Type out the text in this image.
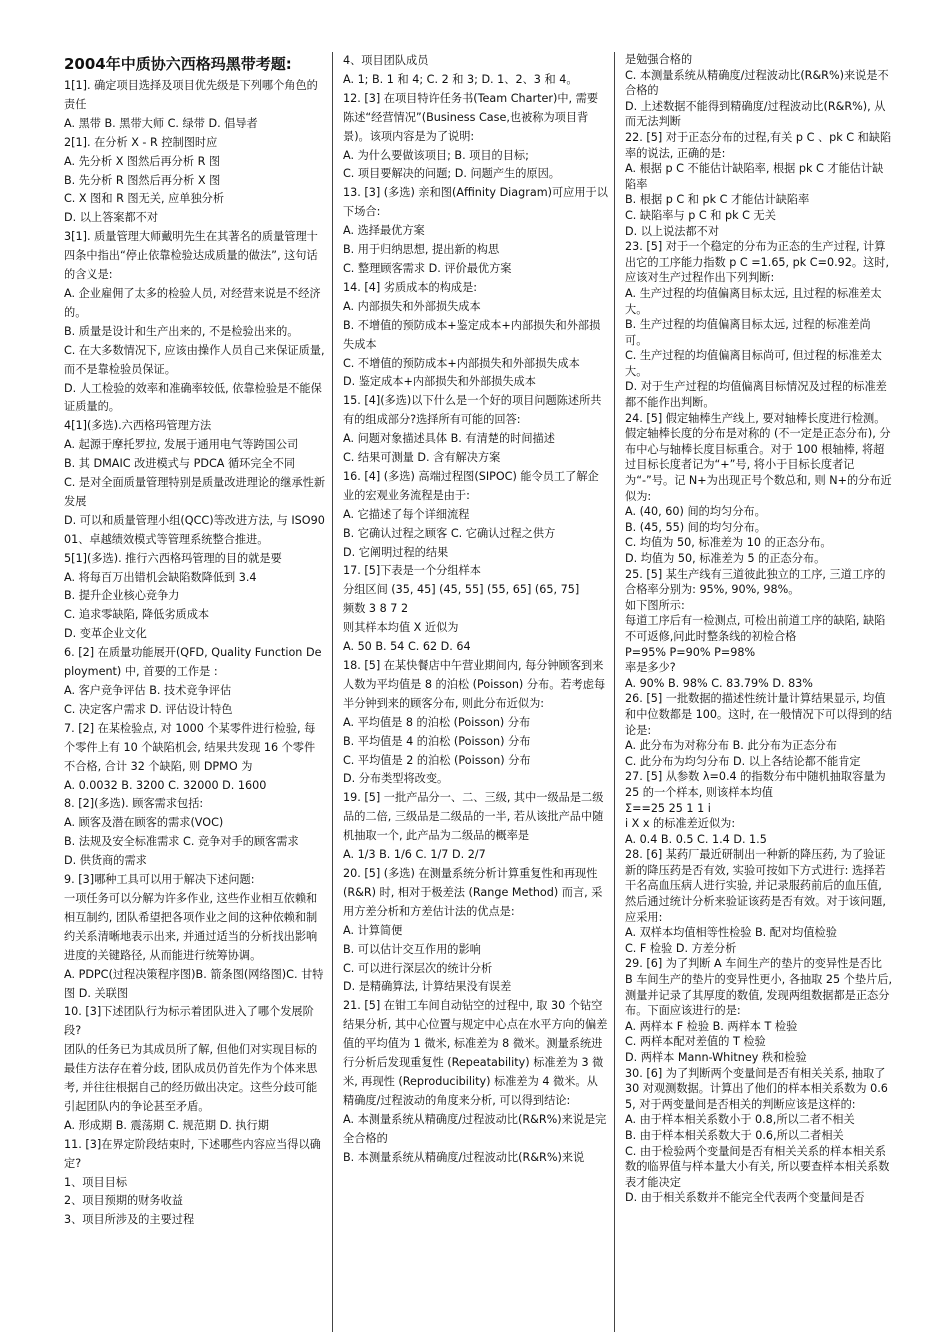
2004年中质协六西格玛黑带考题:
1[1]. 确定项目选择及项目优先级是下列哪个角色的责任
A. 黑带 B. 黑带大师 C. 绿带 D. 倡导者
2[1]. 在分析 X - R 控制图时应
A. 先分析 X 图然后再分析 R 图
B. 先分析 R 图然后再分析 X 图
C. X 图和 R 图无关, 应单独分析
D. 以上答案都不对
3[1]. 质量管理大师戴明先生在其著名的质量管理十四条中指出“停止依靠检验达成质量的做法”, 这句话的含义是:
A. 企业雇佣了太多的检验人员, 对经营来说是不经济的。
B. 质量是设计和生产出来的, 不是检验出来的。
C. 在大多数情况下, 应该由操作人员自己来保证质量, 而不是靠检验员保证。
D. 人工检验的效率和准确率较低, 依靠检验是不能保证质量的。
4[1](多选).六西格玛管理方法
A. 起源于摩托罗拉, 发展于通用电气等跨国公司
B. 其 DMAIC 改进模式与 PDCA 循环完全不同
C. 是对全面质量管理特别是质量改进理论的继承性新发展
D. 可以和质量管理小组(QCC)等改进方法, 与 ISO9001、卓越绩效模式等管理系统整合推进。
5[1](多选). 推行六西格玛管理的目的就是要
A. 将每百万出错机会缺陷数降低到 3.4
B. 提升企业核心竞争力
C. 追求零缺陷, 降低劣质成本
D. 变革企业文化
6. [2] 在质量功能展开(QFD, Quality Function Deployment) 中, 首要的工作是 :
A. 客户竞争评估 B. 技术竞争评估
C. 决定客户需求 D. 评估设计特色
7. [2] 在某检验点, 对 1000 个某零件进行检验, 每个零件上有 10 个缺陷机会, 结果共发现 16 个零件不合格, 合计 32 个缺陷, 则 DPMO 为
A. 0.0032 B. 3200 C. 32000 D. 1600
8. [2](多选). 顾客需求包括:
A. 顾客及潜在顾客的需求(VOC)
B. 法规及安全标准需求 C. 竞争对手的顾客需求
D. 供货商的需求
9. [3]哪种工具可以用于解决下述问题:
一项任务可以分解为许多作业, 这些作业相互依赖和相互制约, 团队希望把各项作业之间的这种依赖和制约关系清晰地表示出来, 并通过适当的分析找出影响进度的关键路径, 从而能进行统筹协调。
A. PDPC(过程决策程序图)B. 箭条图(网络图)C. 甘特图 D. 关联图
10. [3]下述团队行为标示着团队进入了哪个发展阶段?
团队的任务已为其成员所了解, 但他们对实现目标的最佳方法存在着分歧, 团队成员仍首先作为个体来思考, 并往往根据自己的经历做出决定。这些分歧可能引起团队内的争论甚至矛盾。
A. 形成期 B. 震荡期 C. 规范期 D. 执行期
11. [3]在界定阶段结束时, 下述哪些内容应当得以确定?
1、项目目标
2、项目预期的财务收益
3、项目所涉及的主要过程
4、项目团队成员
A. 1; B. 1 和 4; C. 2 和 3; D. 1、2、3 和 4。
12. [3] 在项目特许任务书(Team Charter)中, 需要陈述“经营情况”(Business Case,也被称为项目背景)。该项内容是为了说明:
A. 为什么要做该项目; B. 项目的目标;
C. 项目要解决的问题; D. 问题产生的原因。
13. [3] (多选) 亲和图(Affinity Diagram)可应用于以下场合:
A. 选择最优方案
B. 用于归纳思想, 提出新的构思
C. 整理顾客需求 D. 评价最优方案
14. [4] 劣质成本的构成是:
A. 内部损失和外部损失成本
B. 不增值的预防成本+鉴定成本+内部损失和外部损失成本
C. 不增值的预防成本+内部损失和外部损失成本
D. 鉴定成本+内部损失和外部损失成本
15. [4](多选)以下什么是一个好的项目问题陈述所共有的组成部分?选择所有可能的回答:
A. 问题对象描述具体 B. 有清楚的时间描述
C. 结果可测量 D. 含有解决方案
16. [4] (多选) 高端过程图(SIPOC) 能令员工了解企业的宏观业务流程是由于:
A. 它描述了每个详细流程
B. 它确认过程之顾客 C. 它确认过程之供方
D. 它阐明过程的结果
17. [5]下表是一个分组样本
分组区间 (35, 45] (45, 55] (55, 65] (65, 75]
频数 3 8 7 2
则其样本均值 X 近似为
A. 50 B. 54 C. 62 D. 64
18. [5] 在某快餐店中午营业期间内, 每分钟顾客到来人数为平均值是 8 的泊松 (Poisson) 分布。若考虑每半分钟到来的顾客分布, 则此分布近似为:
A. 平均值是 8 的泊松 (Poisson) 分布
B. 平均值是 4 的泊松 (Poisson) 分布
C. 平均值是 2 的泊松 (Poisson) 分布
D. 分布类型将改变。
19. [5] 一批产品分一、二、三级, 其中一级品是二级品的二倍, 三级品是二级品的一半, 若从该批产品中随机抽取一个, 此产品为二级品的概率是
A. 1/3 B. 1/6 C. 1/7 D. 2/7
20. [5] (多选) 在测量系统分析计算重复性和再现性 (R&R) 时, 相对于极差法 (Range Method) 而言, 采用方差分析和方差估计法的优点是:
A. 计算简便
B. 可以估计交互作用的影响
C. 可以进行深层次的统计分析
D. 是精确算法, 计算结果没有误差
21. [5] 在钳工车间自动钻空的过程中, 取 30 个钻空结果分析, 其中心位置与规定中心点在水平方向的偏差值的平均值为 1 微米, 标准差为 8 微米。测量系统进行分析后发现重复性 (Repeatability) 标准差为 3 微米, 再现性 (Reproducibility) 标准差为 4 微米。从精确度/过程波动的角度来分析, 可以得到结论:
A. 本测量系统从精确度/过程波动比(R&R%)来说是完全合格的
B. 本测量系统从精确度/过程波动比(R&R%)来说
是勉强合格的
C. 本测量系统从精确度/过程波动比(R&R%)来说是不合格的
D. 上述数据不能得到精确度/过程波动比(R&R%), 从而无法判断
22. [5] 对于正态分布的过程,有关 p C 、pk C 和缺陷率的说法, 正确的是:
A. 根据 p C 不能估计缺陷率, 根据 pk C 才能估计缺陷率
B. 根据 p C 和 pk C 才能估计缺陷率
C. 缺陷率与 p C 和 pk C 无关
D. 以上说法都不对
23. [5] 对于一个稳定的分布为正态的生产过程, 计算出它的工序能力指数 p C =1.65, pk C=0.92。这时, 应该对生产过程作出下列判断:
A. 生产过程的均值偏离目标太远, 且过程的标准差太大。
B. 生产过程的均值偏离目标太远, 过程的标准差尚可。
C. 生产过程的均值偏离目标尚可, 但过程的标准差太大。
D. 对于生产过程的均值偏离目标情况及过程的标准差都不能作出判断。
24. [5] 假定轴棒生产线上, 要对轴棒长度进行检测。假定轴棒长度的分布是对称的 (不一定是正态分布), 分布中心与轴棒长度目标重合。对于 100 根轴棒, 将超过目标长度者记为“+”号, 将小于目标长度者记为“-”号。记 N+为出现正号个数总和, 则 N+的分布近似为:
A. (40, 60) 间的均匀分布。
B. (45, 55) 间的均匀分布。
C. 均值为 50, 标准差为 10 的正态分布。
D. 均值为 50, 标准差为 5 的正态分布。
25. [5] 某生产线有三道彼此独立的工序, 三道工序的合格率分别为: 95%, 90%, 98%。
如下图所示:
每道工序后有一检测点, 可检出前道工序的缺陷, 缺陷不可返修,问此时整条线的初检合格
P=95% P=90% P=98%
率是多少?
A. 90% B. 98% C. 83.79% D. 83%
26. [5] 一批数据的描述性统计量计算结果显示, 均值和中位数都是 100。这时, 在一般情况下可以得到的结论是:
A. 此分布为对称分布 B. 此分布为正态分布
C. 此分布为均匀分布 D. 以上各结论都不能肯定
27. [5] 从参数 λ=0.4 的指数分布中随机抽取容量为 25 的一个样本, 则该样本均值
Σ==25 25 1 1 i
i X x 的标准差近似为:
A. 0.4 B. 0.5 C. 1.4 D. 1.5
28. [6] 某药厂最近研制出一种新的降压药, 为了验证新的降压药是否有效, 实验可按如下方式进行: 选择若干名高血压病人进行实验, 并记录服药前后的血压值, 然后通过统计分析来验证该药是否有效。对于该问题,应采用:
A. 双样本均值相等性检验 B. 配对均值检验
C. F 检验 D. 方差分析
29. [6] 为了判断 A 车间生产的垫片的变异性是否比 B 车间生产的垫片的变异性更小, 各抽取 25 个垫片后, 测量并记录了其厚度的数值, 发现两组数据都是正态分布。下面应该进行的是:
A. 两样本 F 检验 B. 两样本 T 检验
C. 两样本配对差值的 T 检验
D. 两样本 Mann-Whitney 秩和检验
30. [6] 为了判断两个变量间是否有相关关系, 抽取了 30 对观测数据。计算出了他们的样本相关系数为 0.65, 对于两变量间是否相关的判断应该是这样的:
A. 由于样本相关系数小于 0.8,所以二者不相关
B. 由于样本相关系数大于 0.6,所以二者相关
C. 由于检验两个变量间是否有相关关系的样本相关系数的临界值与样本量大小有关, 所以要查样本相关系数表才能决定
D. 由于相关系数并不能完全代表两个变量间是否
